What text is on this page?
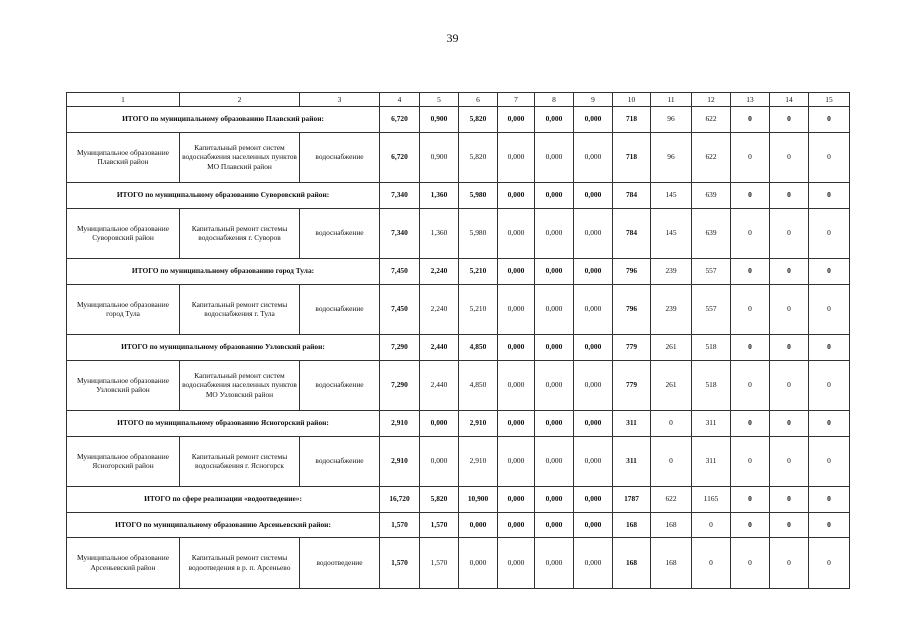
39
1	2	3	4	5	6	7	8	9	10	11	12	13	14	15
ИТОГО по муниципальному образованию Плавский район:			6,720	0,900	5,820	0,000	0,000	0,000	718	96	622	0	0	0
Муниципальное образование Плавский район	Капитальный ремонт систем водоснабжения населенных пунктов МО Плавский район	водоснабжение	6,720	0,900	5,820	0,000	0,000	0,000	718	96	622	0	0	0
ИТОГО по муниципальному образованию Суворовский район:			7,340	1,360	5,980	0,000	0,000	0,000	784	145	639	0	0	0
Муниципальное образование Суворовский район	Капитальный ремонт системы водоснабжения г. Суворов	водоснабжение	7,340	1,360	5,980	0,000	0,000	0,000	784	145	639	0	0	0
ИТОГО по муниципальному образованию город Тула:			7,450	2,240	5,210	0,000	0,000	0,000	796	239	557	0	0	0
Муниципальное образование город Тула	Капитальный ремонт системы водоснабжения г. Тула	водоснабжение	7,450	2,240	5,210	0,000	0,000	0,000	796	239	557	0	0	0
ИТОГО по муниципальному образованию Узловский район:			7,290	2,440	4,850	0,000	0,000	0,000	779	261	518	0	0	0
Муниципальное образование Узловский район	Капитальный ремонт систем водоснабжения населенных пунктов МО Узловский район	водоснабжение	7,290	2,440	4,850	0,000	0,000	0,000	779	261	518	0	0	0
ИТОГО по муниципальному образованию Ясногорский район:			2,910	0,000	2,910	0,000	0,000	0,000	311	0	311	0	0	0
Муниципальное образование Ясногорский район	Капитальный ремонт системы водоснабжения г. Ясногорск	водоснабжение	2,910	0,000	2,910	0,000	0,000	0,000	311	0	311	0	0	0
ИТОГО по сфере реализации «водоотведение»:			16,720	5,820	10,900	0,000	0,000	0,000	1787	622	1165	0	0	0
ИТОГО по муниципальному образованию Арсеньевский район:			1,570	1,570	0,000	0,000	0,000	0,000	168	168	0	0	0	0
Муниципальное образование Арсеньевский район	Капитальный ремонт системы водоотведения в р. п. Арсеньево	водоотведение	1,570	1,570	0,000	0,000	0,000	0,000	168	168	0	0	0	0
